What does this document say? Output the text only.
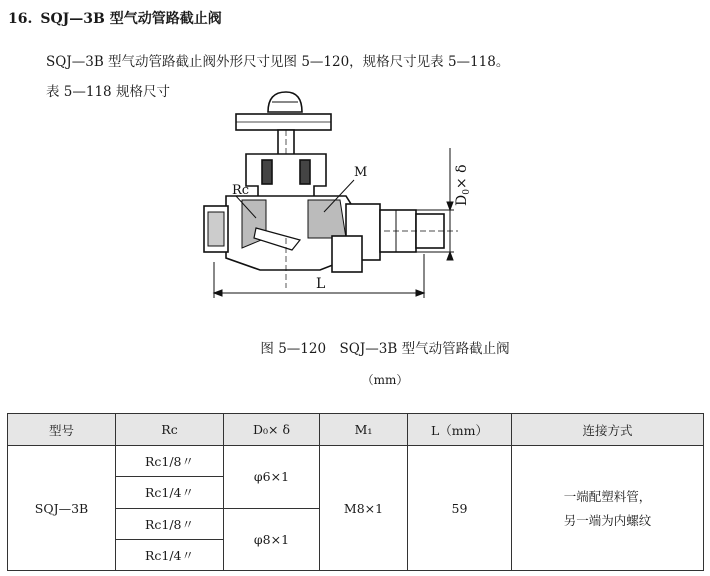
16. SQJ—3B 型气动管路截止阀
SQJ—3B 型气动管路截止阀外形尺寸见图 5—120，规格尺寸见表 5—118。
表 5—118 规格尺寸
Rc
M
$D_0\times \delta$
L
图 5—120　SQJ—3B 型气动管路截止阀
（mm）
型号	Rc	D₀× δ	M₁	L（mm）	连接方式
SQJ—3B	Rc1/8〃	φ6×1	M8×1	59	一端配塑料管，
另一端为内螺纹

	Rc1/4〃				
	Rc1/8〃	φ8×1			
	Rc1/4〃				
